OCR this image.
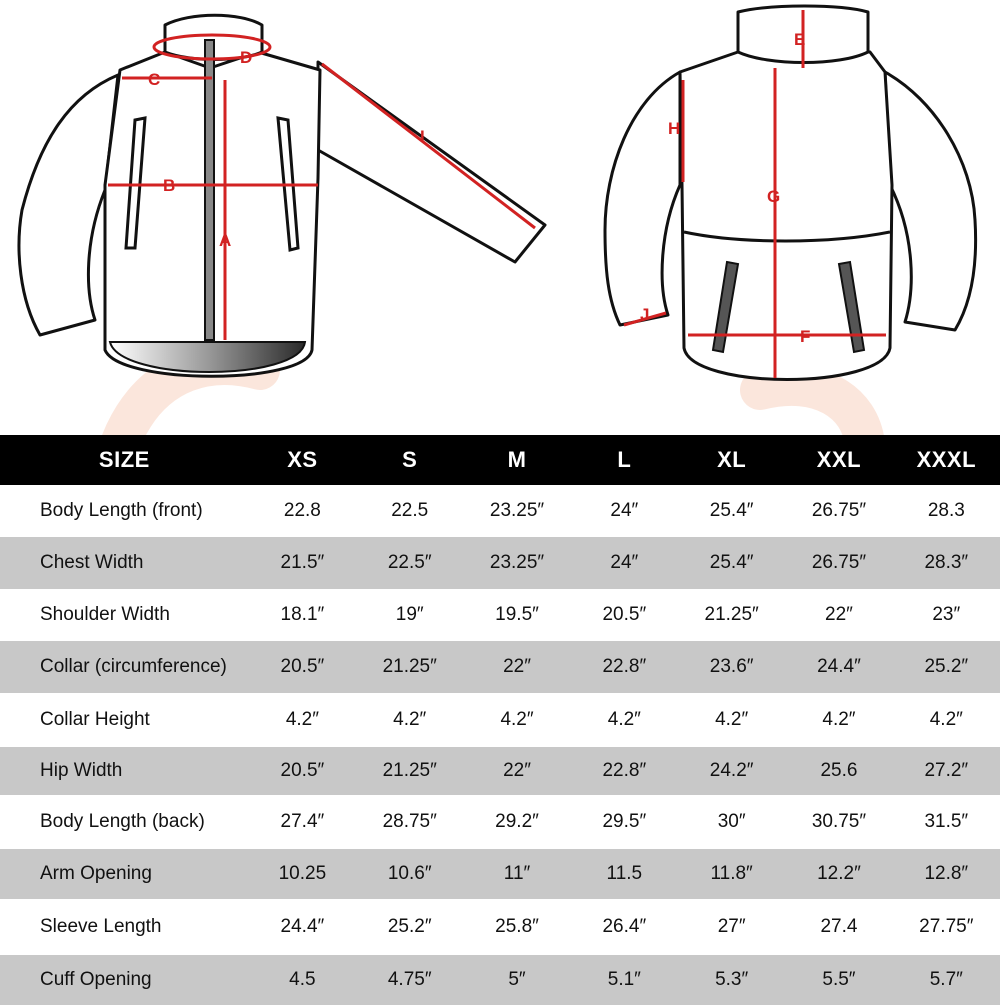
A
B
C
D
I
E
F
G
H
J
SIZE	XS	S	M	L	XL	XXL	XXXL
Body Length (front)	22.8	22.5	23.25″	24″	25.4″	26.75″	28.3
Chest Width	21.5″	22.5″	23.25″	24″	25.4″	26.75″	28.3″
Shoulder Width	18.1″	19″	19.5″	20.5″	21.25″	22″	23″
Collar (circumference)	20.5″	21.25″	22″	22.8″	23.6″	24.4″	25.2″
Collar Height	4.2″	4.2″	4.2″	4.2″	4.2″	4.2″	4.2″
Hip Width	20.5″	21.25″	22″	22.8″	24.2″	25.6	27.2″
Body Length (back)	27.4″	28.75″	29.2″	29.5″	30″	30.75″	31.5″
Arm Opening	10.25	10.6″	11″	11.5	11.8″	12.2″	12.8″
Sleeve Length	24.4″	25.2″	25.8″	26.4″	27″	27.4	27.75″
Cuff Opening	4.5	4.75″	5″	5.1″	5.3″	5.5″	5.7″
